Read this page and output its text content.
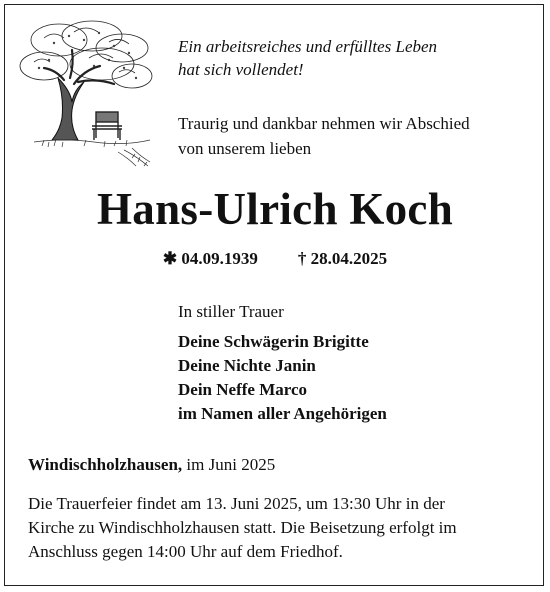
Ein arbeitsreiches und erfülltes Leben
hat sich vollendet!
Traurig und dankbar nehmen wir Abschied
von unserem lieben
Hans-Ulrich Koch
✱ 04.09.1939 † 28.04.2025
In stiller Trauer
Deine Schwägerin Brigitte
Deine Nichte Janin
Dein Neffe Marco
im Namen aller Angehörigen
Windischholzhausen, im Juni 2025
Die Trauerfeier findet am 13. Juni 2025, um 13:30 Uhr in der
Kirche zu Windischholzhausen statt. Die Beisetzung erfolgt im
Anschluss gegen 14:00 Uhr auf dem Friedhof.
